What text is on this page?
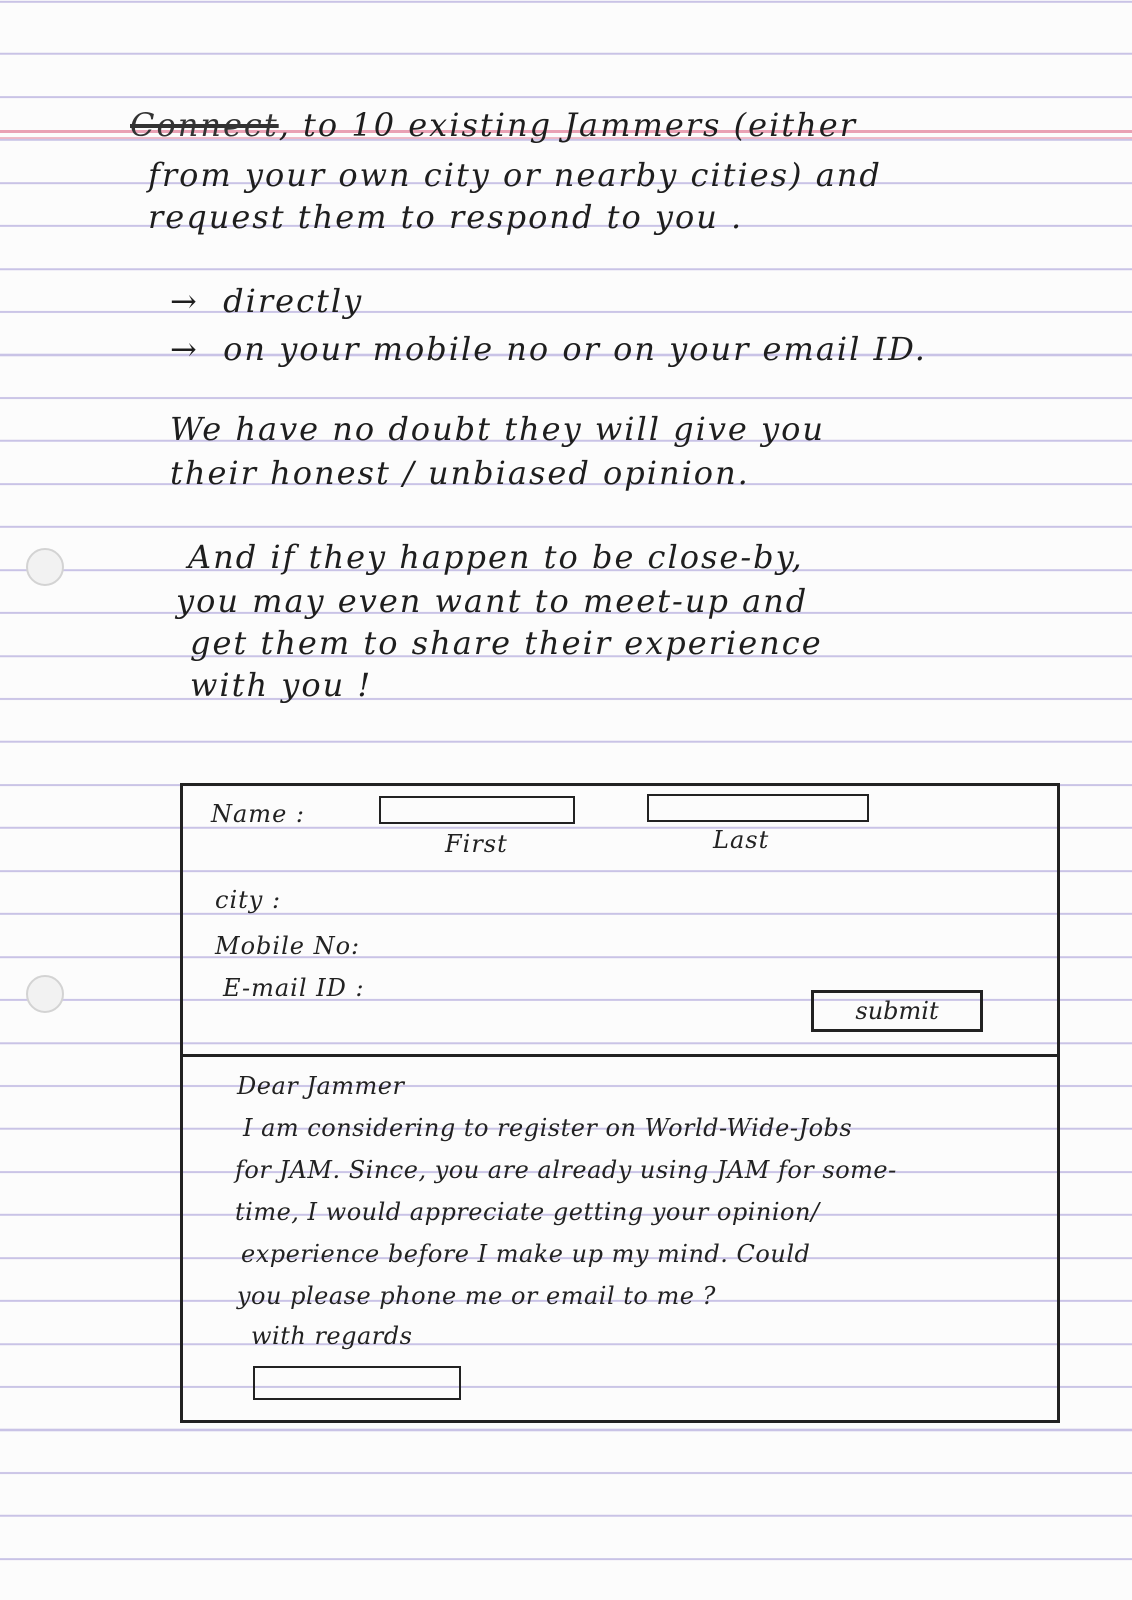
Connect, to 10 existing Jammers (either
from your own city or nearby cities) and
request them to respond to you .
→ directly
→ on your mobile no or on your email ID.
We have no doubt they will give you
their honest / unbiased opinion.
And if they happen to be close-by,
you may even want to meet-up and
get them to share their experience
with you !
Name :
First	Last
city :
Mobile No:
E-mail ID :
submit
Dear Jammer
I am considering to register on World-Wide-Jobs
for JAM. Since, you are already using JAM for some-
time, I would appreciate getting your opinion/
experience before I make up my mind. Could
you please phone me or email to me ?
with regards
